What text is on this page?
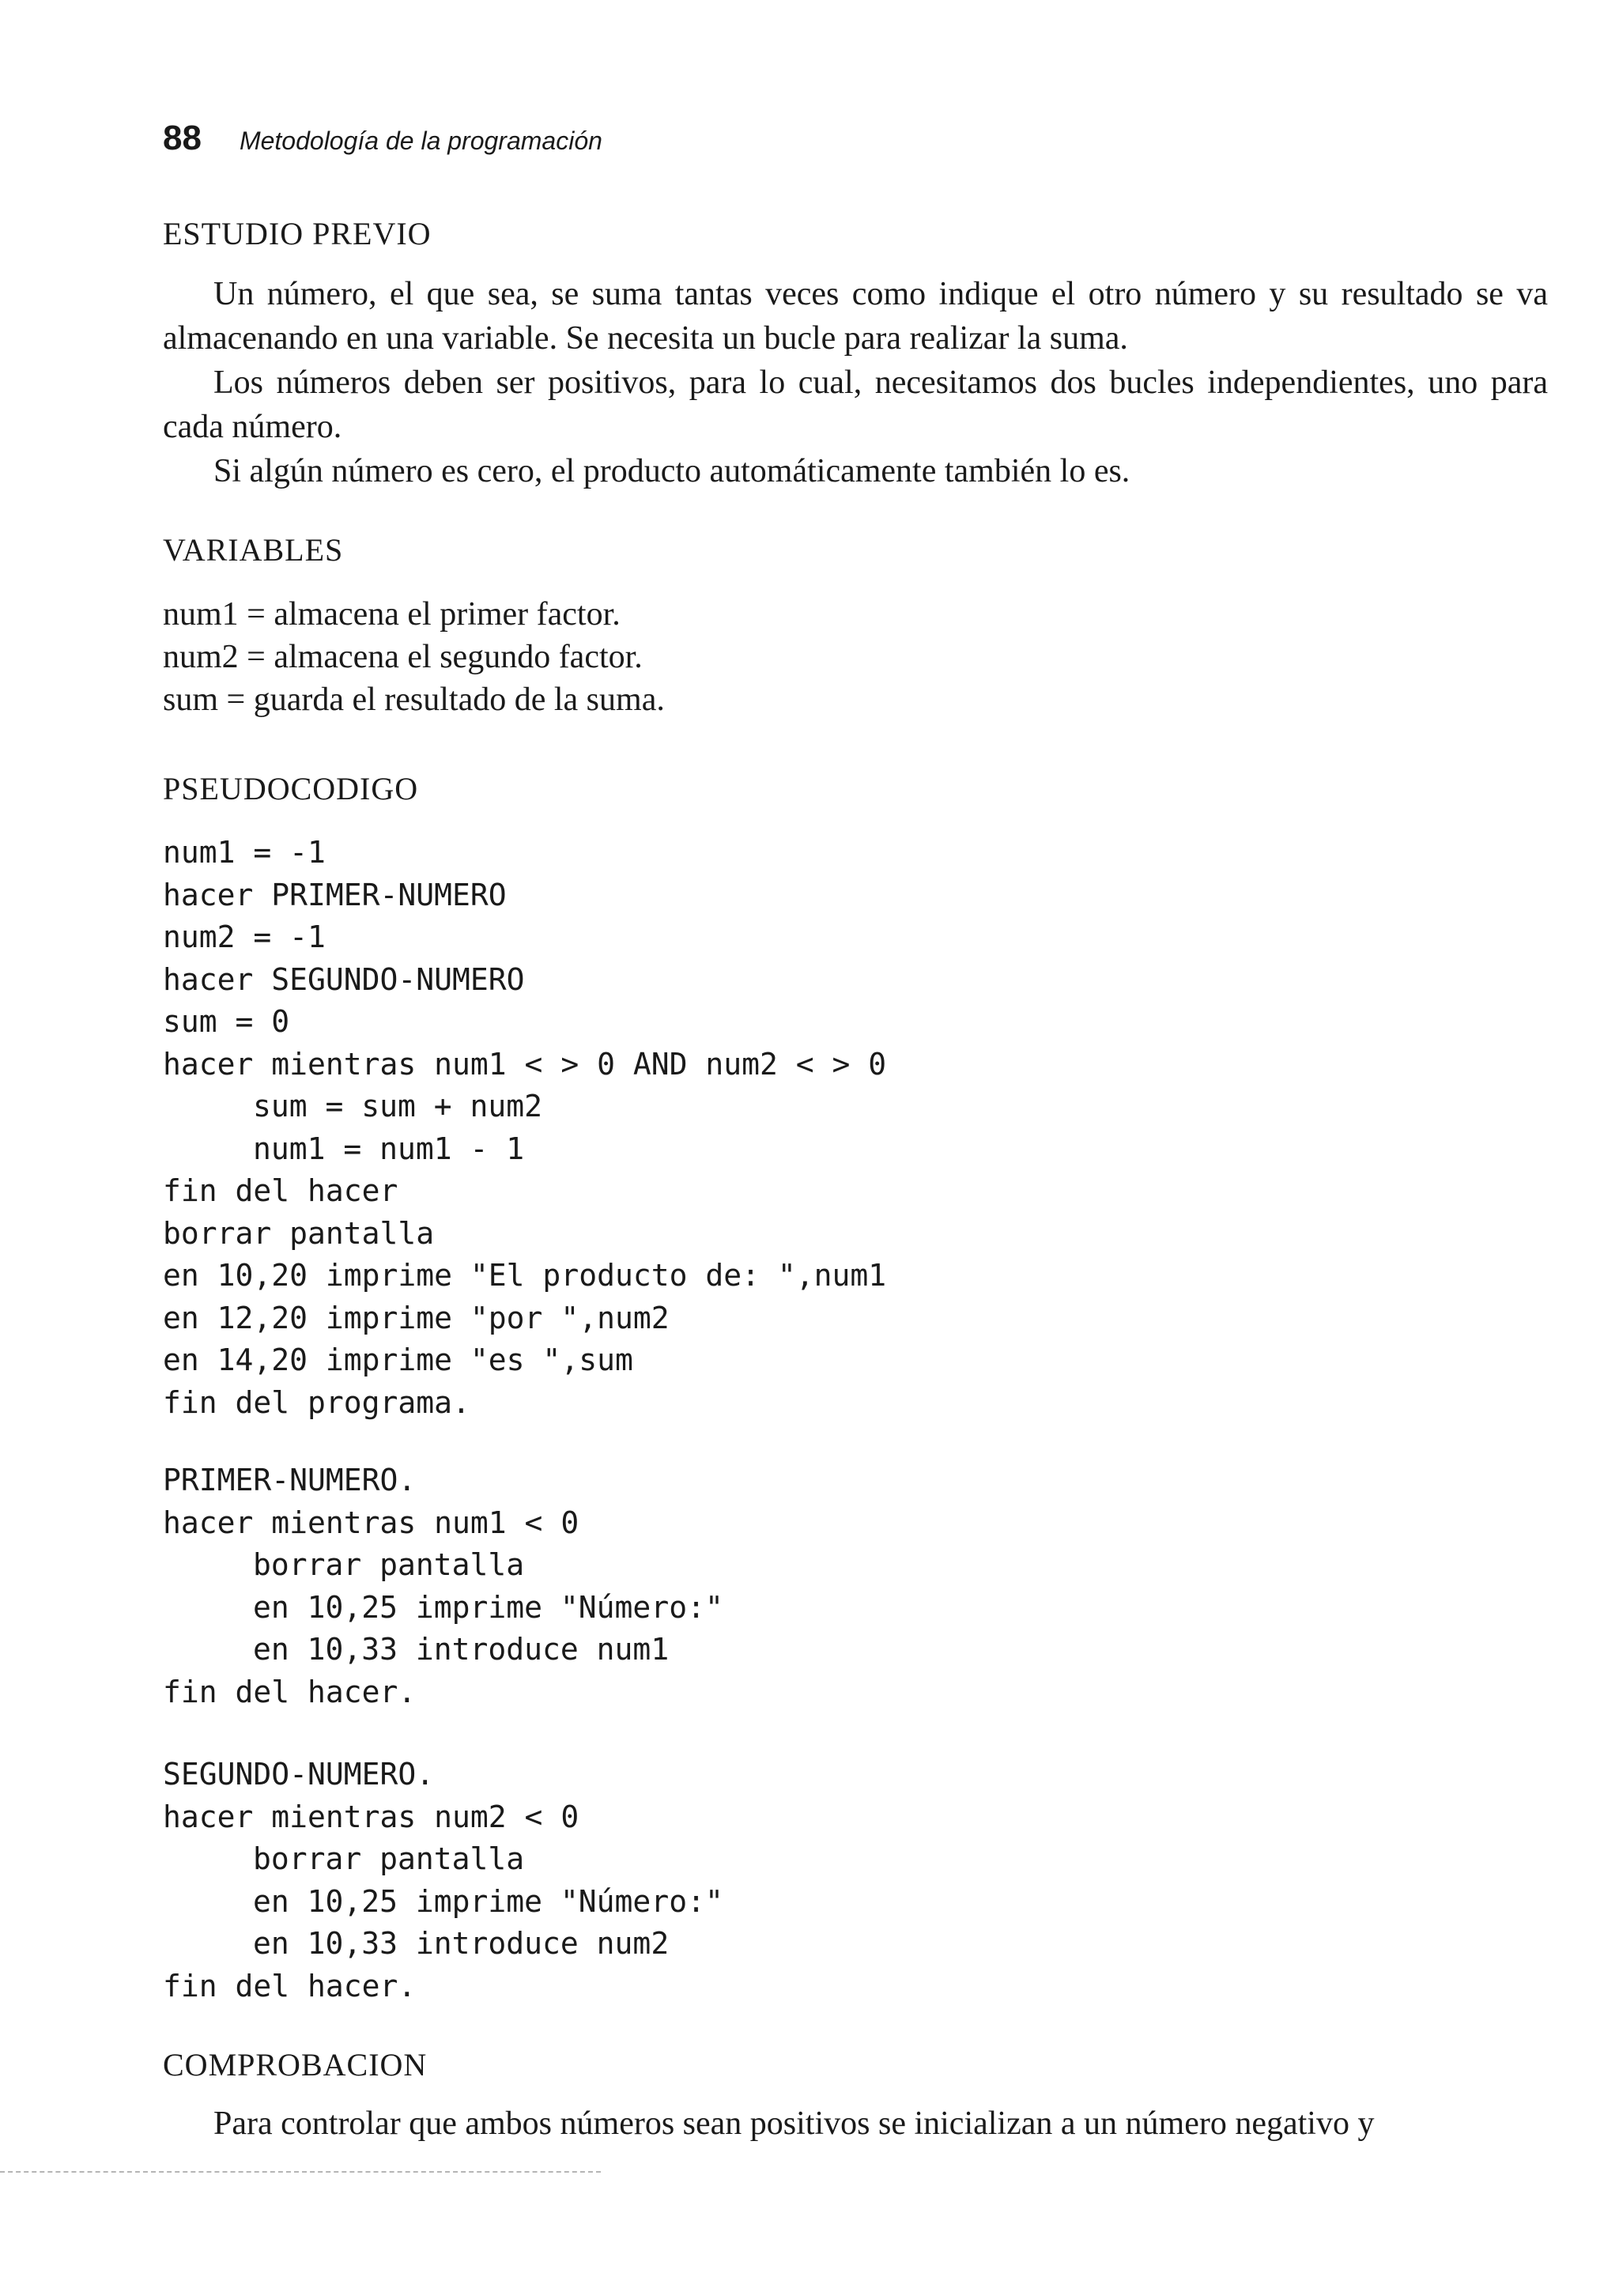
88 Metodología de la programación
ESTUDIO PREVIO

Un número, el que sea, se suma tantas veces como indique el otro número y su resultado se va almacenando en una variable. Se necesita un bucle para realizar la suma.

Los números deben ser positivos, para lo cual, necesitamos dos bucles independientes, uno para cada número.

Si algún número es cero, el producto automáticamente también lo es.

VARIABLES
num1 = almacena el primer factor.
num2 = almacena el segundo factor.
sum = guarda el resultado de la suma.
PSEUDOCODIGO
num1 = -1
hacer PRIMER-NUMERO
num2 = -1
hacer SEGUNDO-NUMERO
sum = 0
hacer mientras num1 < > 0 AND num2 < > 0
sum = sum + num2
num1 = num1 - 1
fin del hacer
borrar pantalla
en 10,20 imprime "El producto de: ",num1
en 12,20 imprime "por ",num2
en 14,20 imprime "es ",sum
fin del programa.
PRIMER-NUMERO.
hacer mientras num1 < 0
borrar pantalla
en 10,25 imprime "Número:"
en 10,33 introduce num1
fin del hacer.
SEGUNDO-NUMERO.
hacer mientras num2 < 0
borrar pantalla
en 10,25 imprime "Número:"
en 10,33 introduce num2
fin del hacer.
COMPROBACION

Para controlar que ambos números sean positivos se inicializan a un número negativo y
